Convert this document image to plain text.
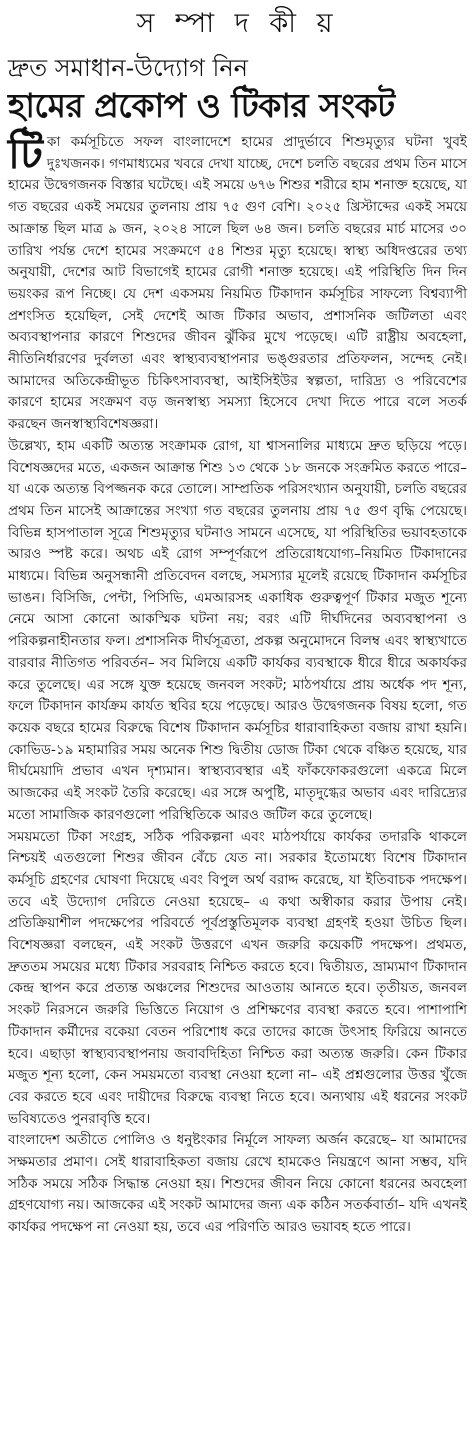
স ম্পা দ কী য়
দ্রুত সমাধান-উদ্যোগ নিন
হামের প্রকোপ ও টিকার সংকট

টিকা কর্মসূচিতে সফল বাংলাদেশে হামের প্রাদুর্ভাবে শিশুমৃত্যুর ঘটনা খুবই দুঃখজনক। গণমাধ্যমের খবরে দেখা যাচ্ছে, দেশে চলতি বছরের প্রথম তিন মাসে হামের উদ্বেগজনক বিস্তার ঘটেছে। এই সময়ে ৬৭৬ শিশুর শরীরে হাম শনাক্ত হয়েছে, যা গত বছরের একই সময়ের তুলনায় প্রায় ৭৫ গুণ বেশি। ২০২৫ খ্রিস্টাব্দের একই সময়ে আক্রান্ত ছিল মাত্র ৯ জন, ২০২৪ সালে ছিল ৬৪ জন। চলতি বছরের মার্চ মাসের ৩০ তারিখ পর্যন্ত দেশে হামের সংক্রমণে ৫৪ শিশুর মৃত্যু হয়েছে। স্বাস্থ্য অধিদপ্তরের তথ্য অনুযায়ী, দেশের আট বিভাগেই হামের রোগী শনাক্ত হয়েছে। এই পরিস্থিতি দিন দিন ভয়ংকর রূপ নিচ্ছে। যে দেশ একসময় নিয়মিত টিকাদান কর্মসূচির সাফল্যে বিশ্বব্যাপী প্রশংসিত হয়েছিল, সেই দেশেই আজ টিকার অভাব, প্রশাসনিক জটিলতা এবং অব্যবস্থাপনার কারণে শিশুদের জীবন ঝুঁকির মুখে পড়েছে। এটি রাষ্ট্রীয় অবহেলা, নীতিনির্ধারণের দুর্বলতা এবং স্বাস্থ্যব্যবস্থাপনার ভঙ্গুরতার প্রতিফলন, সন্দেহ নেই। আমাদের অতিকেন্দ্রীভূত চিকিৎসাব্যবস্থা, আইসিইউর স্বল্পতা, দারিদ্র্য ও পরিবেশের কারণে হামের সংক্রমণ বড় জনস্বাস্থ্য সমস্যা হিসেবে দেখা দিতে পারে বলে সতর্ক করছেন জনস্বাস্থ্যবিশেষজ্ঞরা।

উল্লেখ্য, হাম একটি অত্যন্ত সংক্রামক রোগ, যা শ্বাসনালির মাধ্যমে দ্রুত ছড়িয়ে পড়ে। বিশেষজ্ঞদের মতে, একজন আক্রান্ত শিশু ১৩ থেকে ১৮ জনকে সংক্রমিত করতে পারে– যা একে অত্যন্ত বিপজ্জনক করে তোলে। সাম্প্রতিক পরিসংখ্যান অনুযায়ী, চলতি বছরের প্রথম তিন মাসেই আক্রান্তের সংখ্যা গত বছরের তুলনায় প্রায় ৭৫ গুণ বৃদ্ধি পেয়েছে। বিভিন্ন হাসপাতাল সূত্রে শিশুমৃত্যুর ঘটনাও সামনে এসেছে, যা পরিস্থিতির ভয়াবহতাকে আরও স্পষ্ট করে। অথচ এই রোগ সম্পূর্ণরূপে প্রতিরোধযোগ্য–নিয়মিত টিকাদানের মাধ্যমে। বিভিন্ন অনুসন্ধানী প্রতিবেদন বলছে, সমস্যার মূলেই রয়েছে টিকাদান কর্মসূচির ভাঙন। বিসিজি, পেন্টা, পিসিভি, এমআরসহ একাধিক গুরুত্বপূর্ণ টিকার মজুত শূন্যে নেমে আসা কোনো আকস্মিক ঘটনা নয়; বরং এটি দীর্ঘদিনের অব্যবস্থাপনা ও পরিকল্পনাহীনতার ফল। প্রশাসনিক দীর্ঘসূত্রতা, প্রকল্প অনুমোদনে বিলম্ব এবং স্বাস্থ্যখাতে বারবার নীতিগত পরিবর্তন– সব মিলিয়ে একটি কার্যকর ব্যবস্থাকে ধীরে ধীরে অকার্যকর করে তুলেছে। এর সঙ্গে যুক্ত হয়েছে জনবল সংকট; মাঠপর্যায়ে প্রায় অর্ধেক পদ শূন্য, ফলে টিকাদান কার্যক্রম কার্যত স্থবির হয়ে পড়েছে। আরও উদ্বেগজনক বিষয় হলো, গত কয়েক বছরে হামের বিরুদ্ধে বিশেষ টিকাদান কর্মসূচির ধারাবাহিকতা বজায় রাখা হয়নি। কোভিড-১৯ মহামারির সময় অনেক শিশু দ্বিতীয় ডোজ টিকা থেকে বঞ্চিত হয়েছে, যার দীর্ঘমেয়াদি প্রভাব এখন দৃশ্যমান। স্বাস্থ্যব্যবস্থার এই ফাঁকফোকরগুলো একত্রে মিলে আজকের এই সংকট তৈরি করেছে। এর সঙ্গে অপুষ্টি, মাতৃদুগ্ধের অভাব এবং দারিদ্র্যের মতো সামাজিক কারণগুলো পরিস্থিতিকে আরও জটিল করে তুলেছে।

সময়মতো টিকা সংগ্রহ, সঠিক পরিকল্পনা এবং মাঠপর্যায়ে কার্যকর তদারকি থাকলে নিশ্চয়ই এতগুলো শিশুর জীবন বেঁচে যেত না। সরকার ইতোমধ্যে বিশেষ টিকাদান কর্মসূচি গ্রহণের ঘোষণা দিয়েছে এবং বিপুল অর্থ বরাদ্দ করেছে, যা ইতিবাচক পদক্ষেপ। তবে এই উদ্যোগ দেরিতে নেওয়া হয়েছে– এ কথা অস্বীকার করার উপায় নেই। প্রতিক্রিয়াশীল পদক্ষেপের পরিবর্তে পূর্বপ্রস্তুতিমূলক ব্যবস্থা গ্রহণই হওয়া উচিত ছিল। বিশেষজ্ঞরা বলছেন, এই সংকট উত্তরণে এখন জরুরি কয়েকটি পদক্ষেপ। প্রথমত, দ্রুততম সময়ের মধ্যে টিকার সরবরাহ নিশ্চিত করতে হবে। দ্বিতীয়ত, ভ্রাম্যমাণ টিকাদান কেন্দ্র স্থাপন করে প্রত্যন্ত অঞ্চলের শিশুদের আওতায় আনতে হবে। তৃতীয়ত, জনবল সংকট নিরসনে জরুরি ভিত্তিতে নিয়োগ ও প্রশিক্ষণের ব্যবস্থা করতে হবে। পাশাপাশি টিকাদান কর্মীদের বকেয়া বেতন পরিশোধ করে তাদের কাজে উৎসাহ ফিরিয়ে আনতে হবে। এছাড়া স্বাস্থ্যব্যবস্থাপনায় জবাবদিহিতা নিশ্চিত করা অত্যন্ত জরুরি। কেন টিকার মজুত শূন্য হলো, কেন সময়মতো ব্যবস্থা নেওয়া হলো না– এই প্রশ্নগুলোর উত্তর খুঁজে বের করতে হবে এবং দায়ীদের বিরুদ্ধে ব্যবস্থা নিতে হবে। অন্যথায় এই ধরনের সংকট ভবিষ্যতেও পুনরাবৃত্তি হবে।

বাংলাদেশ অতীতে পোলিও ও ধনুষ্টংকার নির্মূলে সাফল্য অর্জন করেছে– যা আমাদের সক্ষমতার প্রমাণ। সেই ধারাবাহিকতা বজায় রেখে হামকেও নিয়ন্ত্রণে আনা সম্ভব, যদি সঠিক সময়ে সঠিক সিদ্ধান্ত নেওয়া হয়। শিশুদের জীবন নিয়ে কোনো ধরনের অবহেলা গ্রহণযোগ্য নয়। আজকের এই সংকট আমাদের জন্য এক কঠিন সতর্কবার্তা– যদি এখনই কার্যকর পদক্ষেপ না নেওয়া হয়, তবে এর পরিণতি আরও ভয়াবহ হতে পারে।
